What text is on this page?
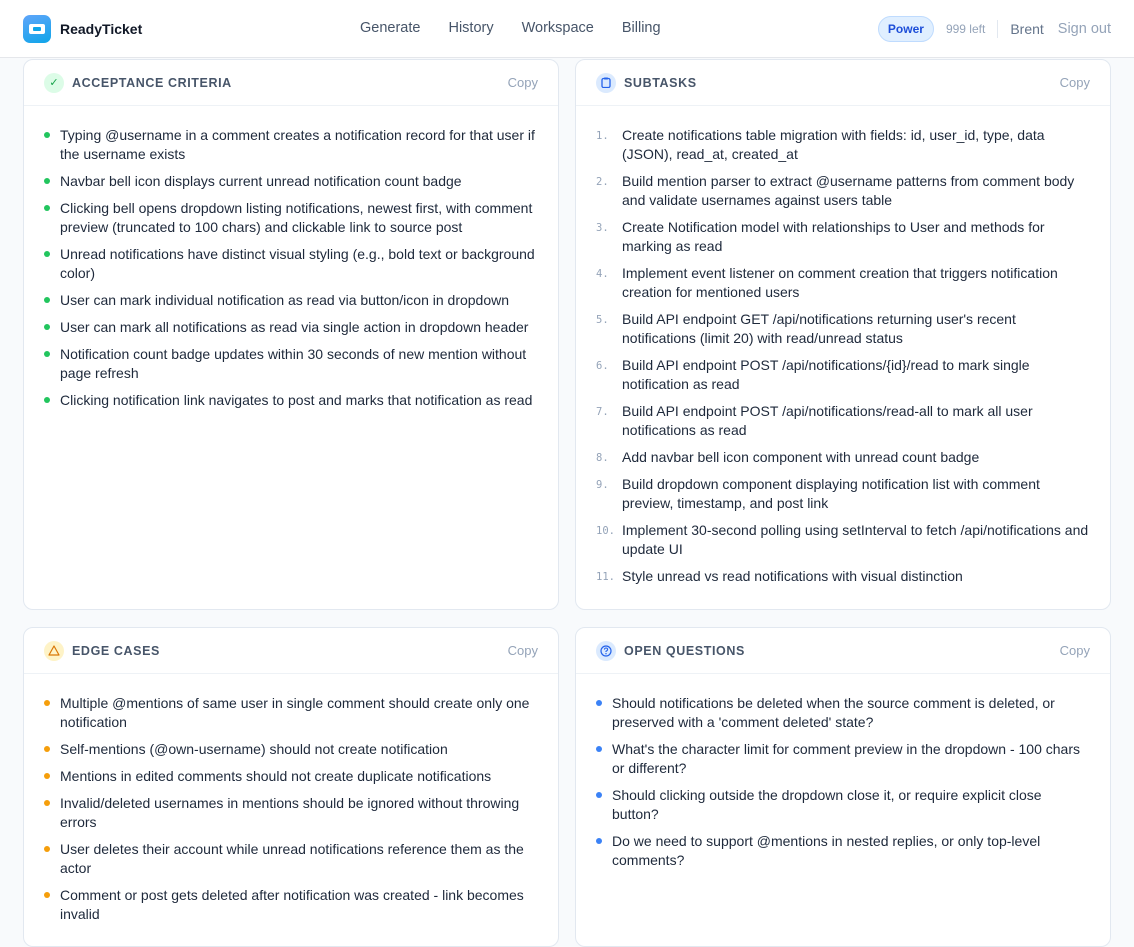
ReadyTicket	Generate History Workspace Billing	Power	999 left Brent Sign out
✓	ACCEPTANCE CRITERIA	Copy
Typing @username in a comment creates a notification record for that user if the username exists
Navbar bell icon displays current unread notification count badge
Clicking bell opens dropdown listing notifications, newest first, with comment preview (truncated to 100 chars) and clickable link to source post
Unread notifications have distinct visual styling (e.g., bold text or background color)
User can mark individual notification as read via button/icon in dropdown
User can mark all notifications as read via single action in dropdown header
Notification count badge updates within 30 seconds of new mention without page refresh
Clicking notification link navigates to post and marks that notification as read
SUBTASKS	Copy
1. Create notifications table migration with fields: id, user_id, type, data (JSON), read_at, created_at
2. Build mention parser to extract @username patterns from comment body and validate usernames against users table
3. Create Notification model with relationships to User and methods for marking as read
4. Implement event listener on comment creation that triggers notification creation for mentioned users
5. Build API endpoint GET /api/notifications returning user's recent notifications (limit 20) with read/unread status
6. Build API endpoint POST /api/notifications/{id}/read to mark single notification as read
7. Build API endpoint POST /api/notifications/read-all to mark all user notifications as read
8. Add navbar bell icon component with unread count badge
9. Build dropdown component displaying notification list with comment preview, timestamp, and post link
10. Implement 30-second polling using setInterval to fetch /api/notifications and update UI
11. Style unread vs read notifications with visual distinction
EDGE CASES	Copy
Multiple @mentions of same user in single comment should create only one notification
Self-mentions (@own-username) should not create notification
Mentions in edited comments should not create duplicate notifications
Invalid/deleted usernames in mentions should be ignored without throwing errors
User deletes their account while unread notifications reference them as the actor
Comment or post gets deleted after notification was created - link becomes invalid
OPEN QUESTIONS	Copy
Should notifications be deleted when the source comment is deleted, or preserved with a 'comment deleted' state?
What's the character limit for comment preview in the dropdown - 100 chars or different?
Should clicking outside the dropdown close it, or require explicit close button?
Do we need to support @mentions in nested replies, or only top-level comments?
